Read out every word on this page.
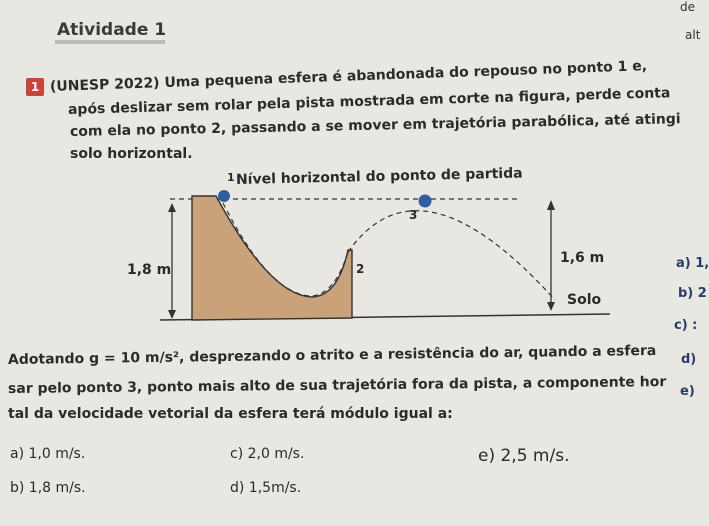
de
alt
Atividade 1
1 (UNESP 2022) Uma pequena esfera é abandonada do repouso no ponto 1 e,
após deslizar sem rolar pela pista mostrada em corte na figura, perde conta
com ela no ponto 2, passando a se mover em trajetória parabólica, até atingi
solo horizontal.
Nível horizontal do ponto de partida
1
2
3
1,8 m
1,6 m
Solo
a) 1,
b) 2
c) :
d)
e)
Adotando g = 10 m/s², desprezando o atrito e a resistência do ar, quando a esfera
sar pelo ponto 3, ponto mais alto de sua trajetória fora da pista, a componente hor
tal da velocidade vetorial da esfera terá módulo igual a:
a) 1,0 m/s.
b) 1,8 m/s.
c) 2,0 m/s.
d) 1,5m/s.
e) 2,5 m/s.
